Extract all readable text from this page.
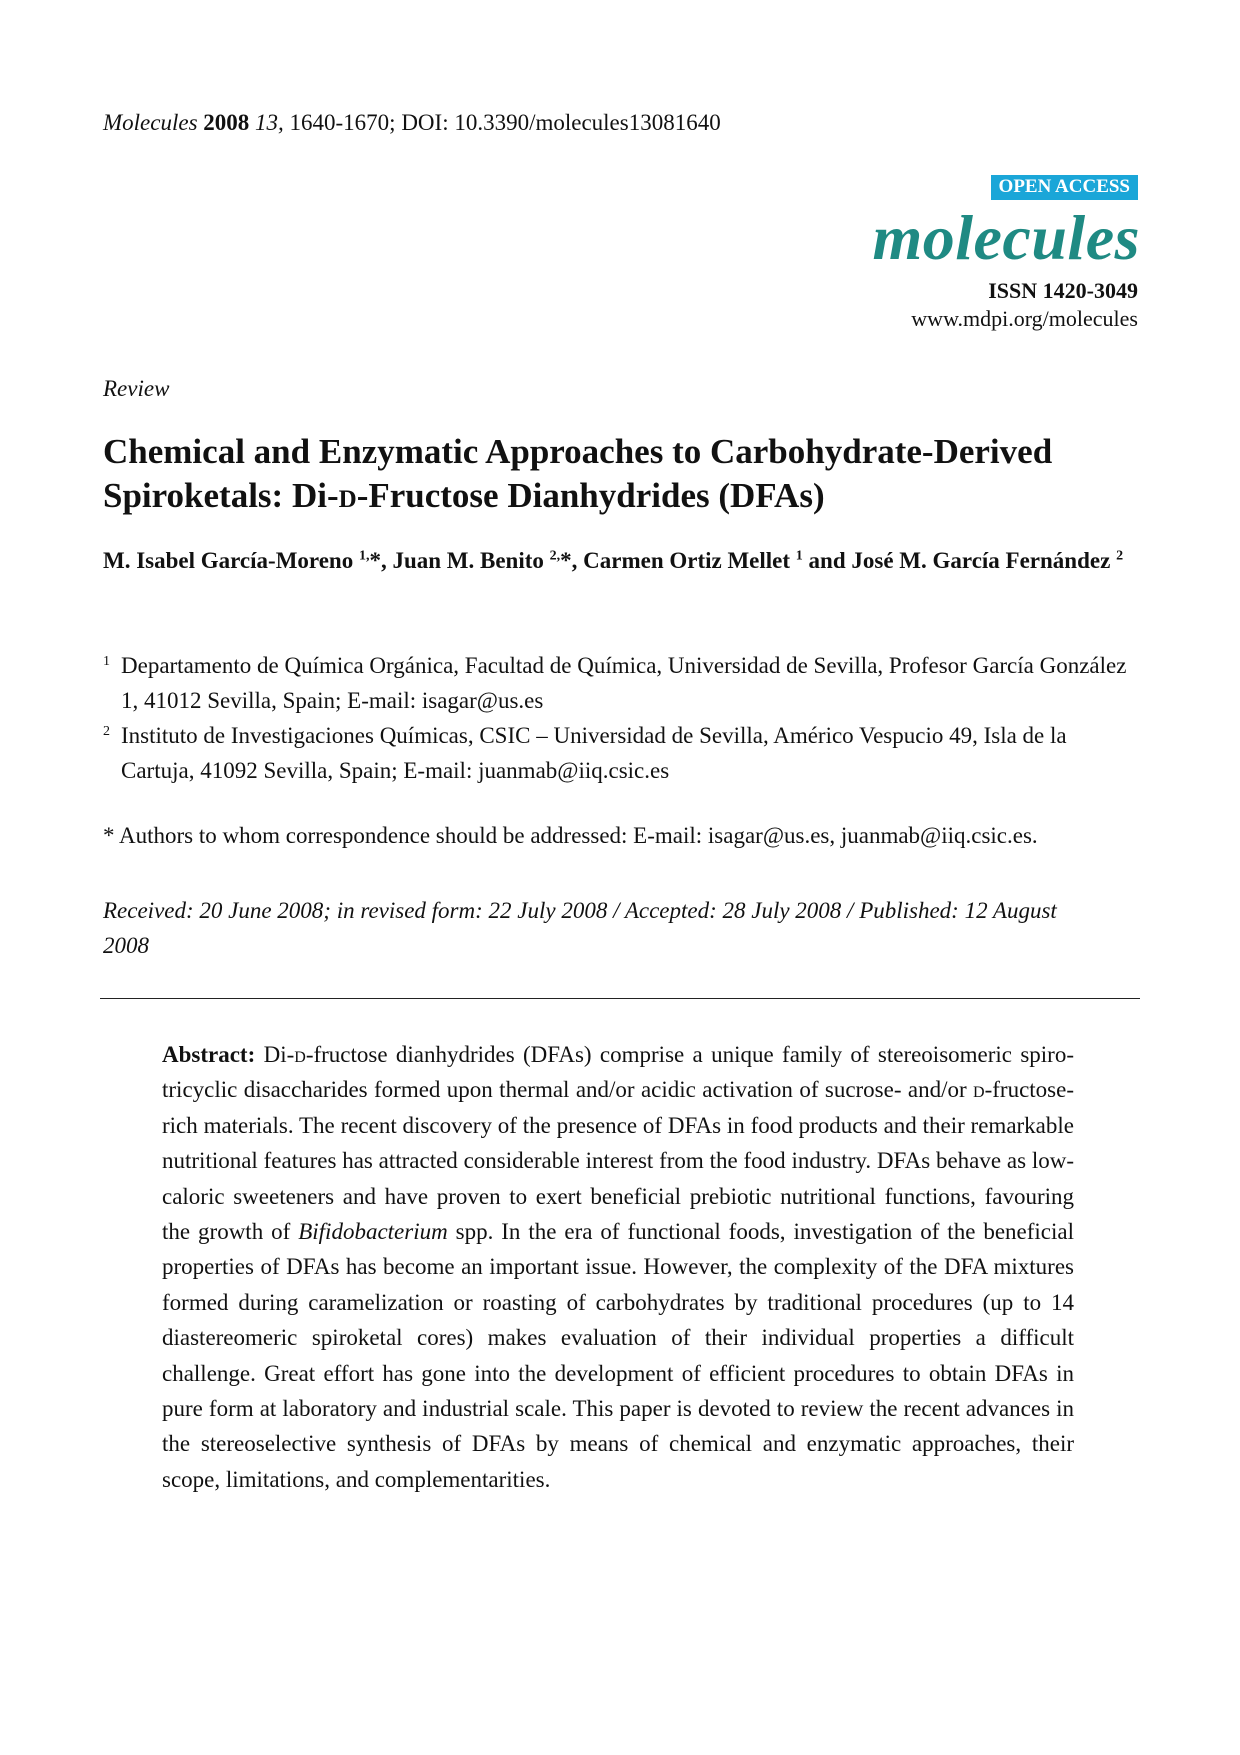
Molecules 2008 13, 1640-1670; DOI: 10.3390/molecules13081640
OPEN ACCESS
molecules
ISSN 1420-3049
www.mdpi.org/molecules
Review
Chemical and Enzymatic Approaches to Carbohydrate-Derived
Spiroketals: Di-d-Fructose Dianhydrides (DFAs)
M. Isabel García-Moreno $^{1,}$*, Juan M. Benito $^{2,}$*, Carmen Ortiz Mellet $^1$ and José M. García Fernández $^2$
1 Departamento de Química Orgánica, Facultad de Química, Universidad de Sevilla, Profesor García González 1, 41012 Sevilla, Spain; E-mail: isagar@us.es
2 Instituto de Investigaciones Químicas, CSIC – Universidad de Sevilla, Américo Vespucio 49, Isla de la Cartuja, 41092 Sevilla, Spain; E-mail: juanmab@iiq.csic.es
* Authors to whom correspondence should be addressed: E-mail: isagar@us.es, juanmab@iiq.csic.es.
Received: 20 June 2008; in revised form: 22 July 2008 / Accepted: 28 July 2008 / Published: 12 August 2008

Abstract: Di-d-fructose dianhydrides (DFAs) comprise a unique family of stereoisomeric spiro-tricyclic disaccharides formed upon thermal and/or acidic activation of sucrose- and/or d-fructose-rich materials. The recent discovery of the presence of DFAs in food products and their remarkable nutritional features has attracted considerable interest from the food industry. DFAs behave as low-caloric sweeteners and have proven to exert beneficial prebiotic nutritional functions, favouring the growth of Bifidobacterium spp. In the era of functional foods, investigation of the beneficial properties of DFAs has become an important issue. However, the complexity of the DFA mixtures formed during caramelization or roasting of carbohydrates by traditional procedures (up to 14 diastereomeric spiroketal cores) makes evaluation of their individual properties a difficult challenge. Great effort has gone into the development of efficient procedures to obtain DFAs in pure form at laboratory and industrial scale. This paper is devoted to review the recent advances in the stereoselective synthesis of DFAs by means of chemical and enzymatic approaches, their scope, limitations, and complementarities.
